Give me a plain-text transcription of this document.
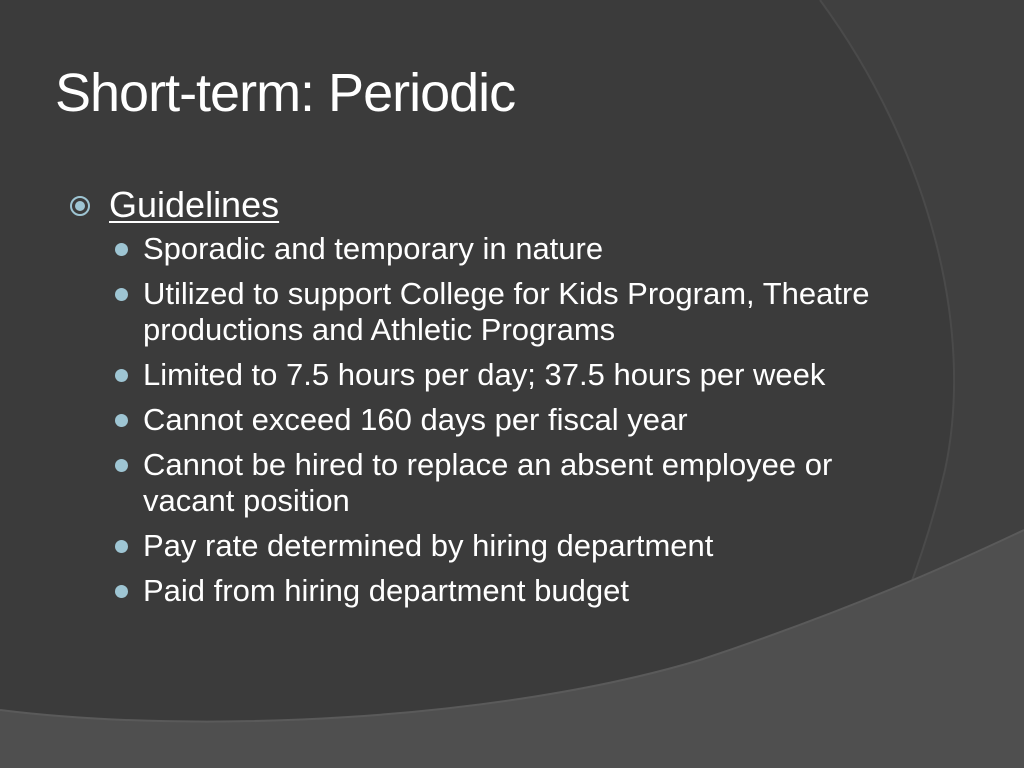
Short-term: Periodic
Guidelines
Sporadic and temporary in nature
Utilized to support College for Kids Program, Theatre productions and Athletic Programs
Limited to 7.5 hours per day; 37.5 hours per week
Cannot exceed 160 days per fiscal year
Cannot be hired to replace an absent employee or vacant position
Pay rate determined by hiring department
Paid from hiring department budget
